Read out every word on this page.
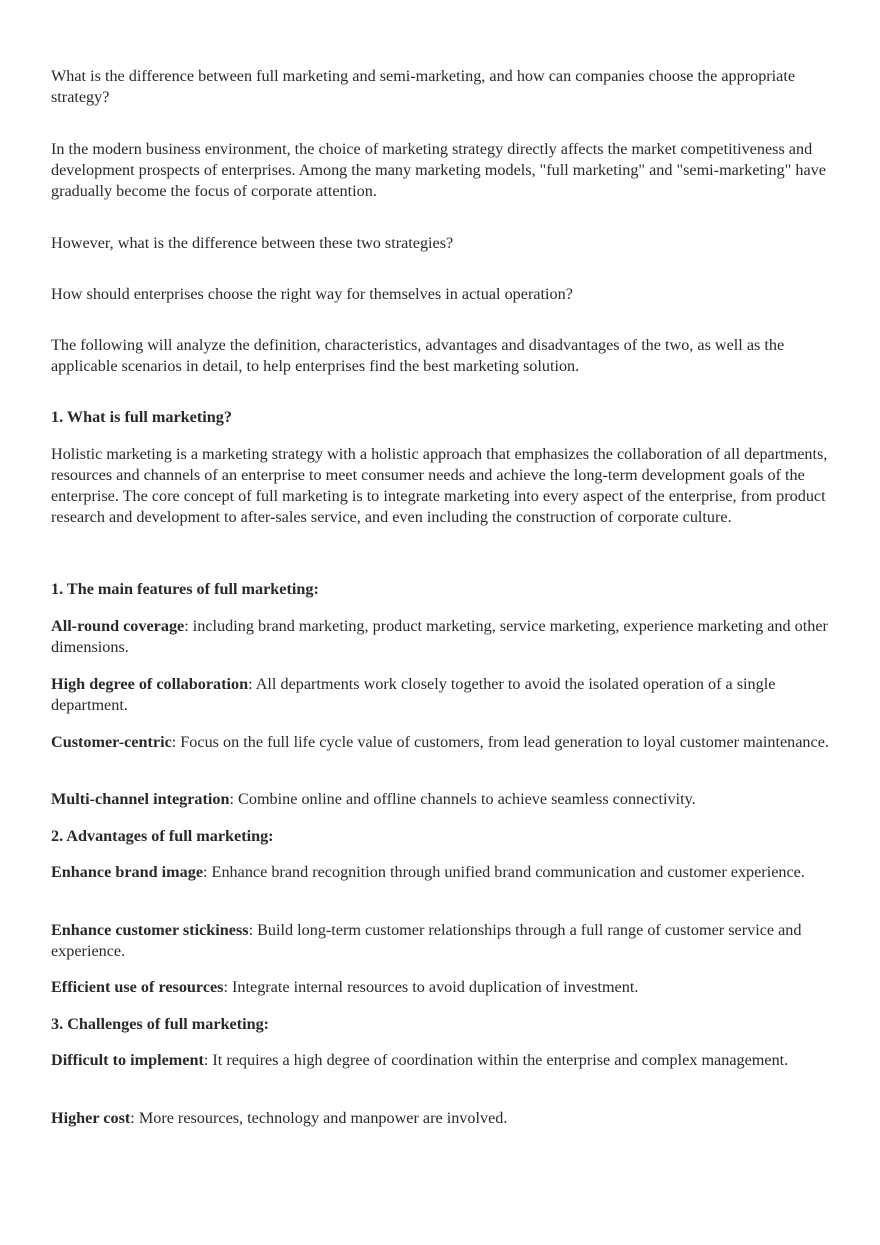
What is the difference between full marketing and semi-marketing, and how can companies choose the appropriate strategy?

In the modern business environment, the choice of marketing strategy directly affects the market competitiveness and development prospects of enterprises. Among the many marketing models, "full marketing" and "semi-marketing" have gradually become the focus of corporate attention.

However, what is the difference between these two strategies?

How should enterprises choose the right way for themselves in actual operation?

The following will analyze the definition, characteristics, advantages and disadvantages of the two, as well as the applicable scenarios in detail, to help enterprises find the best marketing solution.

1. What is full marketing?

Holistic marketing is a marketing strategy with a holistic approach that emphasizes the collaboration of all departments, resources and channels of an enterprise to meet consumer needs and achieve the long-term development goals of the enterprise. The core concept of full marketing is to integrate marketing into every aspect of the enterprise, from product research and development to after-sales service, and even including the construction of corporate culture.

1. The main features of full marketing:

All-round coverage: including brand marketing, product marketing, service marketing, experience marketing and other dimensions.

High degree of collaboration: All departments work closely together to avoid the isolated operation of a single department.

Customer-centric: Focus on the full life cycle value of customers, from lead generation to loyal customer maintenance.

Multi-channel integration: Combine online and offline channels to achieve seamless connectivity.

2. Advantages of full marketing:

Enhance brand image: Enhance brand recognition through unified brand communication and customer experience.

Enhance customer stickiness: Build long-term customer relationships through a full range of customer service and experience.

Efficient use of resources: Integrate internal resources to avoid duplication of investment.

3. Challenges of full marketing:

Difficult to implement: It requires a high degree of coordination within the enterprise and complex management.

Higher cost: More resources, technology and manpower are involved.
